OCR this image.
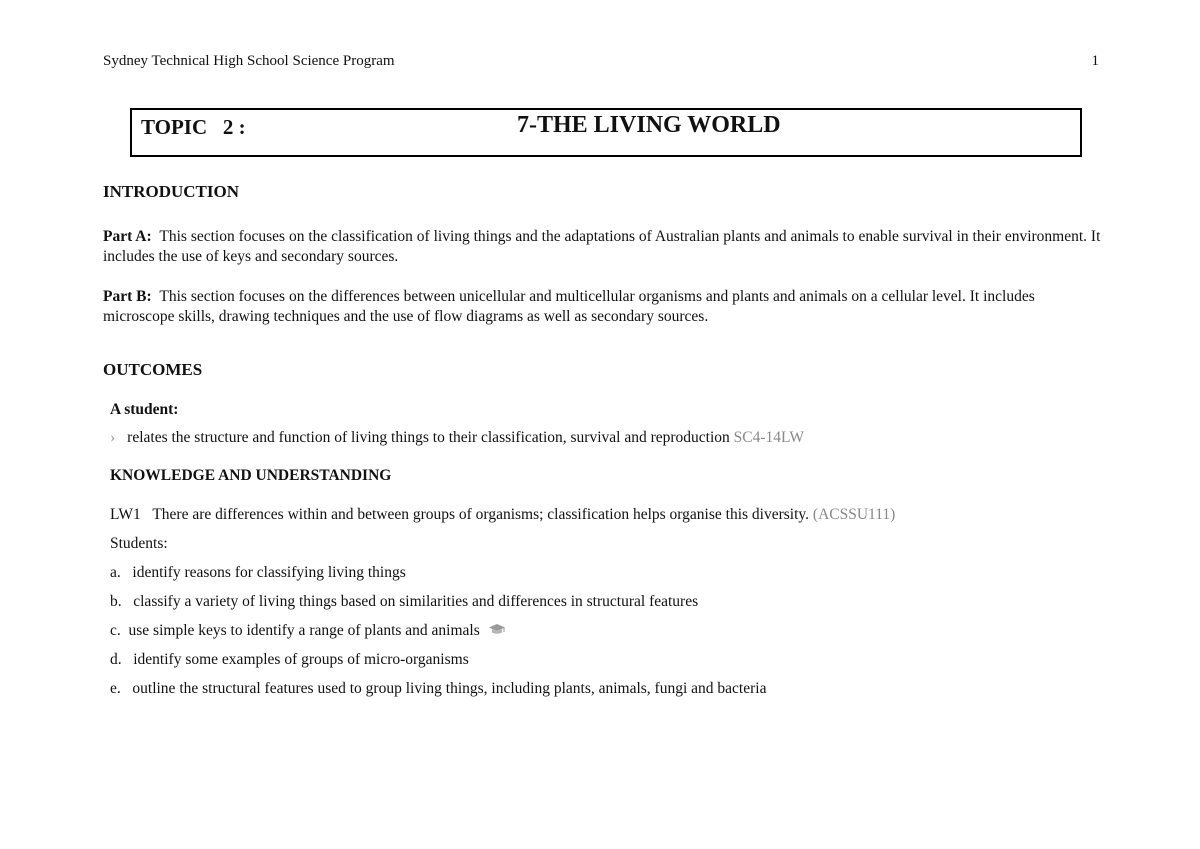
Sydney Technical High School Science Program	1
TOPIC   2 :	7-THE LIVING WORLD
INTRODUCTION
Part A: This section focuses on the classification of living things and the adaptations of Australian plants and animals to enable survival in their environment. It includes the use of keys and secondary sources.
Part B: This section focuses on the differences between unicellular and multicellular organisms and plants and animals on a cellular level. It includes microscope skills, drawing techniques and the use of flow diagrams as well as secondary sources.
OUTCOMES
A student:
› relates the structure and function of living things to their classification, survival and reproduction SC4-14LW
KNOWLEDGE AND UNDERSTANDING
LW1 There are differences within and between groups of organisms; classification helps organise this diversity. (ACSSU111)
Students:
a. identify reasons for classifying living things
b. classify a variety of living things based on similarities and differences in structural features
c. use simple keys to identify a range of plants and animals
d. identify some examples of groups of micro-organisms
e. outline the structural features used to group living things, including plants, animals, fungi and bacteria
